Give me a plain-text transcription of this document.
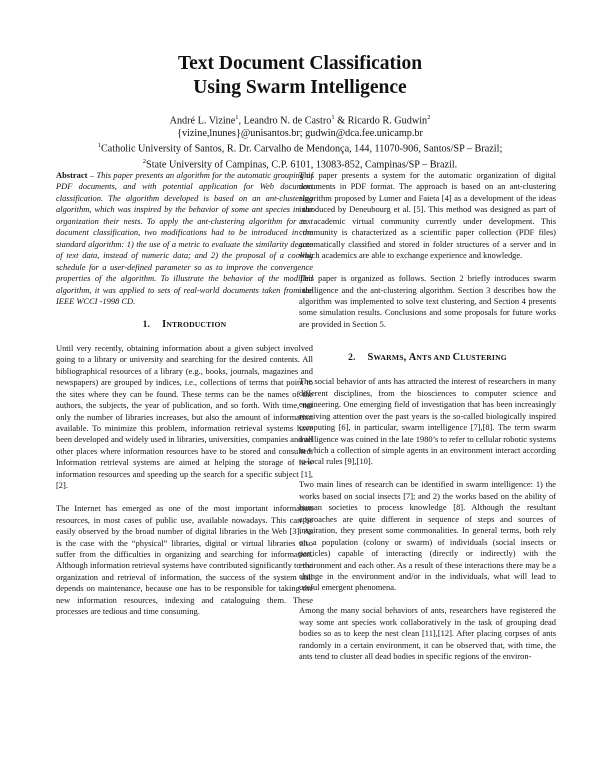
Text Document Classification
Using Swarm Intelligence
André L. Vizine$^1$, Leandro N. de Castro$^1$ & Ricardo R. Gudwin$^2$
{vizine,lnunes}@unisantos.br; gudwin@dca.fee.unicamp.br
$^1$Catholic University of Santos, R. Dr. Carvalho de Mendonça, 144, 11070-906, Santos/SP – Brazil;
$^2$State University of Campinas, C.P. 6101, 13083-852, Campinas/SP – Brazil.

Abstract – This paper presents an algorithm for the automatic grouping of PDF documents, and with potential application for Web document classification. The algorithm developed is based on an ant-clustering algorithm, which was inspired by the behavior of some ant species in the organization their nests. To apply the ant-clustering algorithm for text document classification, two modifications had to be introduced in the standard algorithm: 1) the use of a metric to evaluate the similarity degree of text data, instead of numeric data; and 2) the proposal of a cooling schedule for a user-defined parameter so as to improve the convergence properties of the algorithm. To illustrate the behavior of the modified algorithm, it was applied to sets of real-world documents taken from the IEEE WCCI -1998 CD.

1. INTRODUCTION

Until very recently, obtaining information about a given subject involved going to a library or university and searching for the desired contents. All bibliographical resources of a library (e.g., books, journals, magazines and newspapers) are grouped by indices, i.e., collections of terms that point to the sites where they can be found. These terms can be the names of the authors, the subjects, the year of publication, and so forth. With time, not only the number of libraries increases, but also the amount of information available. To minimize this problem, information retrieval systems have been developed and widely used in libraries, universities, companies and all other places where information resources have to be stored and consulted. Information retrieval systems are aimed at helping the storage of new information resources and speeding up the search for a specific subject [1],[2].

The Internet has emerged as one of the most important information resources, in most cases of public use, available nowadays. This can be easily observed by the broad number of digital libraries in the Web [3]. As is the case with the “physical” libraries, digital or virtual libraries also suffer from the difficulties in organizing and searching for information. Although information retrieval systems have contributed significantly to the organization and retrieval of information, the success of the system still depends on maintenance, because one has to be responsible for taking the new information resources, indexing and cataloguing them. These processes are tedious and time consuming.

This paper presents a system for the automatic organization of digital documents in PDF format. The approach is based on an ant-clustering algorithm proposed by Lumer and Faieta [4] as a development of the ideas introduced by Deneubourg et al. [5]. This method was designed as part of an academic virtual community currently under development. This community is characterized as a scientific paper collection (PDF files) automatically classified and stored in folder structures of a server and in which academics are able to exchange experience and knowledge.

This paper is organized as follows. Section 2 briefly introduces swarm intelligence and the ant-clustering algorithm. Section 3 describes how the algorithm was implemented to solve text clustering, and Section 4 presents some simulation results. Conclusions and some proposals for future works are provided in Section 5.

2. SWARMS, ANTS AND CLUSTERING

The social behavior of ants has attracted the interest of researchers in many different disciplines, from the biosciences to computer science and engineering. One emerging field of investigation that has been increasingly receiving attention over the past years is the so-called biologically inspired computing [6], in particular, swarm intelligence [7],[8]. The term swarm intelligence was coined in the late 1980’s to refer to cellular robotic systems in which a collection of simple agents in an environment interact according to local rules [9],[10].

Two main lines of research can be identified in swarm intelligence: 1) the works based on social insects [7]; and 2) the works based on the ability of human societies to process knowledge [8]. Although the resultant approaches are quite different in sequence of steps and sources of inspiration, they present some commonalities. In general terms, both rely on a population (colony or swarm) of individuals (social insects or particles) capable of interacting (directly or indirectly) with the environment and each other. As a result of these interactions there may be a change in the environment and/or in the individuals, what will lead to useful emergent phenomena.

Among the many social behaviors of ants, researchers have registered the way some ant species work collaboratively in the task of grouping dead bodies so as to keep the nest clean [11],[12]. After placing corpses of ants randomly in a certain environment, it can be observed that, with time, the ants tend to cluster all dead bodies in specific regions of the environ-
